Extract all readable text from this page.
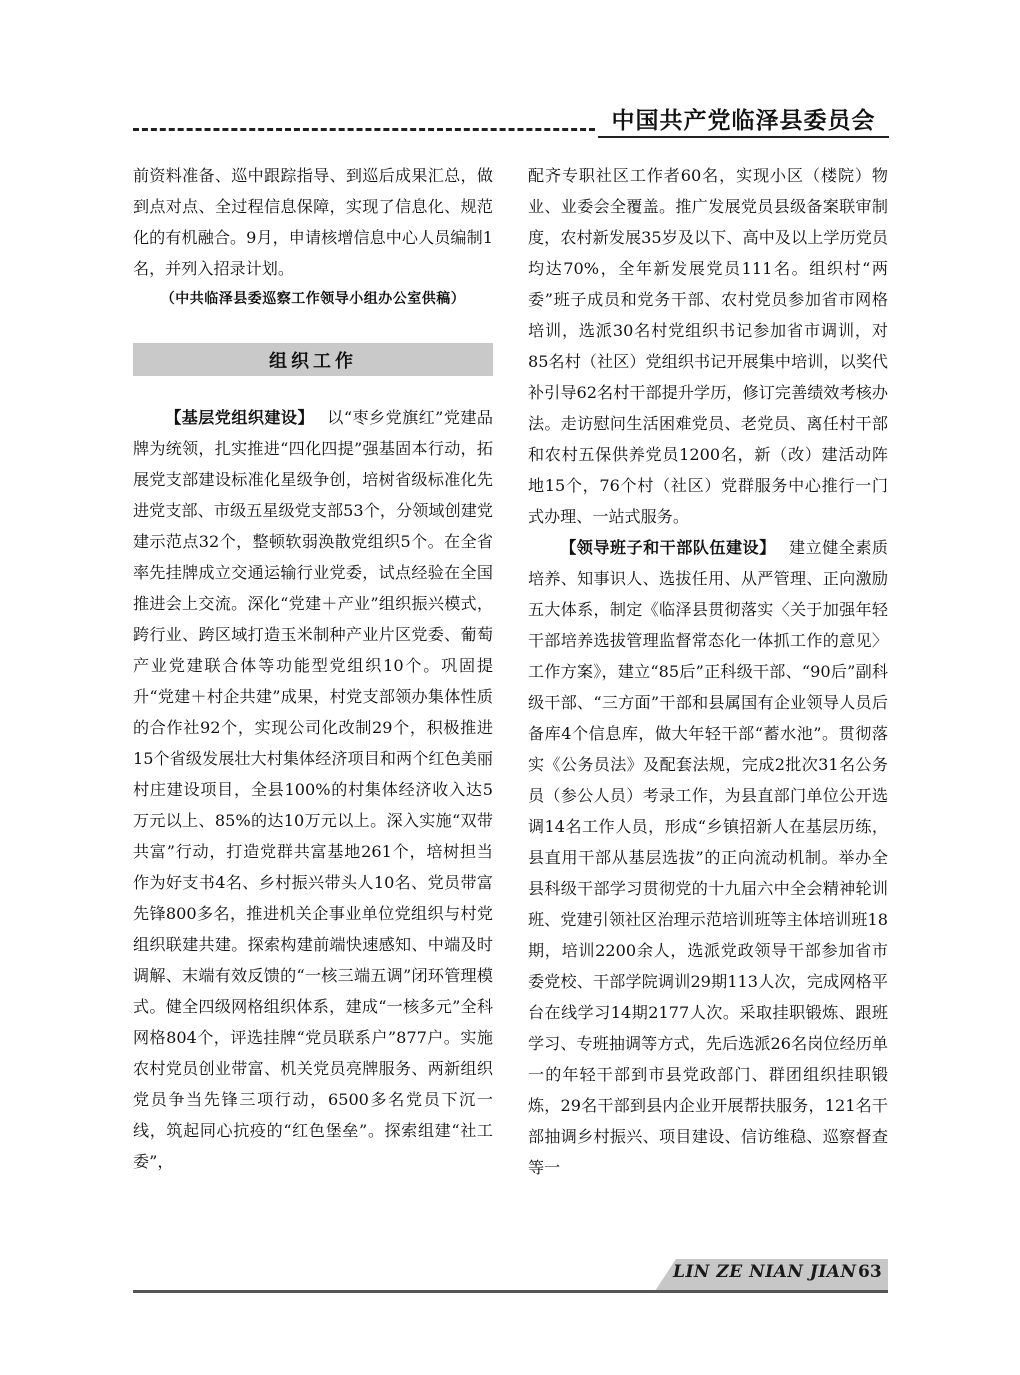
中国共产党临泽县委员会

前资料准备、巡中跟踪指导、到巡后成果汇总，做到点对点、全过程信息保障，实现了信息化、规范化的有机融合。9月，申请核增信息中心人员编制1名，并列入招录计划。

（中共临泽县委巡察工作领导小组办公室供稿）

组织工作

【基层党组织建设】 以“枣乡党旗红”党建品牌为统领，扎实推进“四化四提”强基固本行动，拓展党支部建设标准化星级争创，培树省级标准化先进党支部、市级五星级党支部53个，分领域创建党建示范点32个，整顿软弱涣散党组织5个。在全省率先挂牌成立交通运输行业党委，试点经验在全国推进会上交流。深化“党建＋产业”组织振兴模式，跨行业、跨区域打造玉米制种产业片区党委、葡萄产业党建联合体等功能型党组织10个。巩固提升“党建＋村企共建”成果，村党支部领办集体性质的合作社92个，实现公司化改制29个，积极推进15个省级发展壮大村集体经济项目和两个红色美丽村庄建设项目，全县100%的村集体经济收入达5万元以上、85%的达10万元以上。深入实施“双带共富”行动，打造党群共富基地261个，培树担当作为好支书4名、乡村振兴带头人10名、党员带富先锋800多名，推进机关企事业单位党组织与村党组织联建共建。探索构建前端快速感知、中端及时调解、末端有效反馈的“一核三端五调”闭环管理模式。健全四级网格组织体系，建成“一核多元”全科网格804个，评选挂牌“党员联系户”877户。实施农村党员创业带富、机关党员亮牌服务、两新组织党员争当先锋三项行动，6500多名党员下沉一线，筑起同心抗疫的“红色堡垒”。探索组建“社工委”，

配齐专职社区工作者60名，实现小区（楼院）物业、业委会全覆盖。推广发展党员县级备案联审制度，农村新发展35岁及以下、高中及以上学历党员均达70%，全年新发展党员111名。组织村“两委”班子成员和党务干部、农村党员参加省市网格培训，选派30名村党组织书记参加省市调训，对85名村（社区）党组织书记开展集中培训，以奖代补引导62名村干部提升学历，修订完善绩效考核办法。走访慰问生活困难党员、老党员、离任村干部和农村五保供养党员1200名，新（改）建活动阵地15个，76个村（社区）党群服务中心推行一门式办理、一站式服务。

【领导班子和干部队伍建设】 建立健全素质培养、知事识人、选拔任用、从严管理、正向激励五大体系，制定《临泽县贯彻落实〈关于加强年轻干部培养选拔管理监督常态化一体抓工作的意见〉工作方案》，建立“85后”正科级干部、“90后”副科级干部、“三方面”干部和县属国有企业领导人员后备库4个信息库，做大年轻干部“蓄水池”。贯彻落实《公务员法》及配套法规，完成2批次31名公务员（参公人员）考录工作，为县直部门单位公开选调14名工作人员，形成“乡镇招新人在基层历练，县直用干部从基层选拔”的正向流动机制。举办全县科级干部学习贯彻党的十九届六中全会精神轮训班、党建引领社区治理示范培训班等主体培训班18期，培训2200余人，选派党政领导干部参加省市委党校、干部学院调训29期113人次，完成网格平台在线学习14期2177人次。采取挂职锻炼、跟班学习、专班抽调等方式，先后选派26名岗位经历单一的年轻干部到市县党政部门、群团组织挂职锻炼，29名干部到县内企业开展帮扶服务，121名干部抽调乡村振兴、项目建设、信访维稳、巡察督查等一

LIN ZE NIAN JIAN 63
